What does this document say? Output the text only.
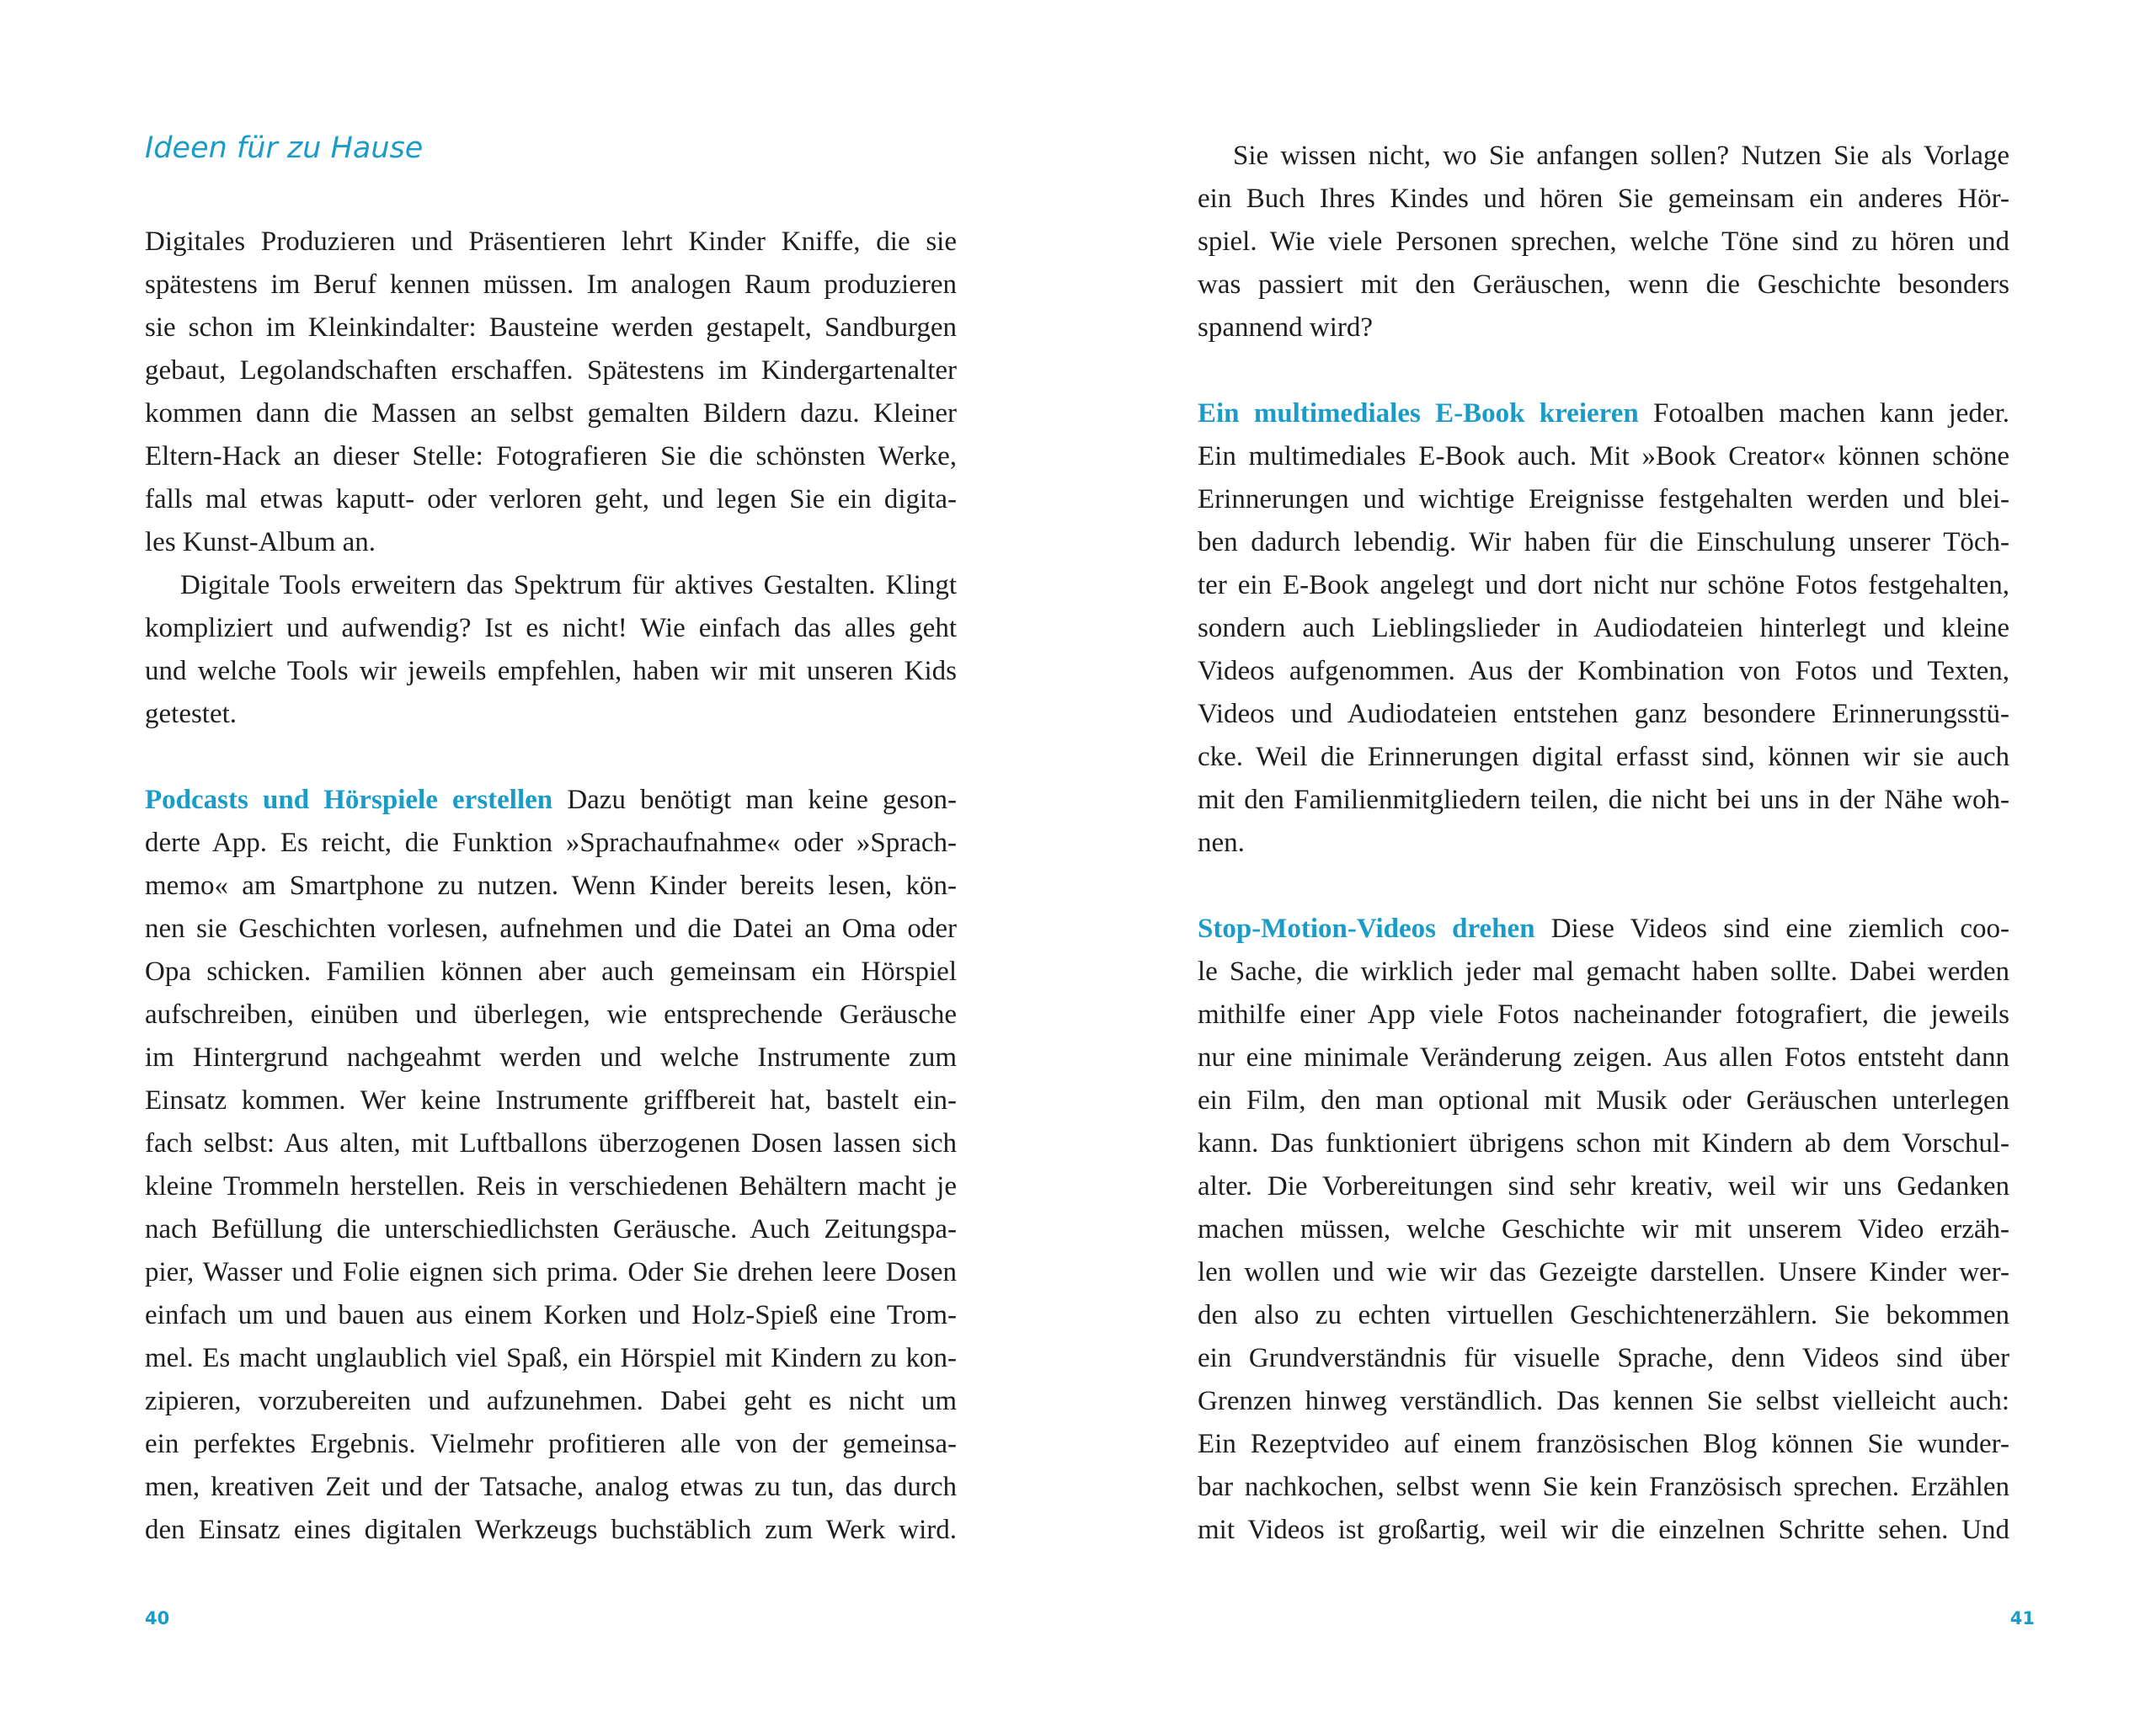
Ideen für zu Hause
Digitales Produzieren und Präsentieren lehrt Kinder Kniffe, die sie
spätestens im Beruf kennen müssen. Im analogen Raum produzieren
sie schon im Kleinkindalter: Bausteine werden gestapelt, Sandburgen
gebaut, Legolandschaften erschaffen. Spätestens im Kindergartenalter
kommen dann die Massen an selbst gemalten Bildern dazu. Kleiner
Eltern-Hack an dieser Stelle: Fotografieren Sie die schönsten Werke,
falls mal etwas kaputt- oder verloren geht, und legen Sie ein digita-
les Kunst-Album an.
Digitale Tools erweitern das Spektrum für aktives Gestalten. Klingt
kompliziert und aufwendig? Ist es nicht! Wie einfach das alles geht
und welche Tools wir jeweils empfehlen, haben wir mit unseren Kids
getestet.
Podcasts und Hörspiele erstellen Dazu benötigt man keine geson-
derte App. Es reicht, die Funktion »Sprachaufnahme« oder »Sprach-
memo« am Smartphone zu nutzen. Wenn Kinder bereits lesen, kön-
nen sie Geschichten vorlesen, aufnehmen und die Datei an Oma oder
Opa schicken. Familien können aber auch gemeinsam ein Hörspiel
aufschreiben, einüben und überlegen, wie entsprechende Geräusche
im Hintergrund nachgeahmt werden und welche Instrumente zum
Einsatz kommen. Wer keine Instrumente griffbereit hat, bastelt ein-
fach selbst: Aus alten, mit Luftballons überzogenen Dosen lassen sich
kleine Trommeln herstellen. Reis in verschiedenen Behältern macht je
nach Befüllung die unterschiedlichsten Geräusche. Auch Zeitungspa-
pier, Wasser und Folie eignen sich prima. Oder Sie drehen leere Dosen
einfach um und bauen aus einem Korken und Holz-Spieß eine Trom-
mel. Es macht unglaublich viel Spaß, ein Hörspiel mit Kindern zu kon-
zipieren, vorzubereiten und aufzunehmen. Dabei geht es nicht um
ein perfektes Ergebnis. Vielmehr profitieren alle von der gemeinsa-
men, kreativen Zeit und der Tatsache, analog etwas zu tun, das durch
den Einsatz eines digitalen Werkzeugs buchstäblich zum Werk wird.
40
Sie wissen nicht, wo Sie anfangen sollen? Nutzen Sie als Vorlage
ein Buch Ihres Kindes und hören Sie gemeinsam ein anderes Hör-
spiel. Wie viele Personen sprechen, welche Töne sind zu hören und
was passiert mit den Geräuschen, wenn die Geschichte besonders
spannend wird?
Ein multimediales E-Book kreieren Fotoalben machen kann jeder.
Ein multimediales E-Book auch. Mit »Book Creator« können schöne
Erinnerungen und wichtige Ereignisse festgehalten werden und blei-
ben dadurch lebendig. Wir haben für die Einschulung unserer Töch-
ter ein E-Book angelegt und dort nicht nur schöne Fotos festgehalten,
sondern auch Lieblingslieder in Audiodateien hinterlegt und kleine
Videos aufgenommen. Aus der Kombination von Fotos und Texten,
Videos und Audiodateien entstehen ganz besondere Erinnerungsstü-
cke. Weil die Erinnerungen digital erfasst sind, können wir sie auch
mit den Familienmitgliedern teilen, die nicht bei uns in der Nähe woh-
nen.
Stop-Motion-Videos drehen Diese Videos sind eine ziemlich coo-
le Sache, die wirklich jeder mal gemacht haben sollte. Dabei werden
mithilfe einer App viele Fotos nacheinander fotografiert, die jeweils
nur eine minimale Veränderung zeigen. Aus allen Fotos entsteht dann
ein Film, den man optional mit Musik oder Geräuschen unterlegen
kann. Das funktioniert übrigens schon mit Kindern ab dem Vorschul-
alter. Die Vorbereitungen sind sehr kreativ, weil wir uns Gedanken
machen müssen, welche Geschichte wir mit unserem Video erzäh-
len wollen und wie wir das Gezeigte darstellen. Unsere Kinder wer-
den also zu echten virtuellen Geschichtenerzählern. Sie bekommen
ein Grundverständnis für visuelle Sprache, denn Videos sind über
Grenzen hinweg verständlich. Das kennen Sie selbst vielleicht auch:
Ein Rezeptvideo auf einem französischen Blog können Sie wunder-
bar nachkochen, selbst wenn Sie kein Französisch sprechen. Erzählen
mit Videos ist großartig, weil wir die einzelnen Schritte sehen. Und
41
